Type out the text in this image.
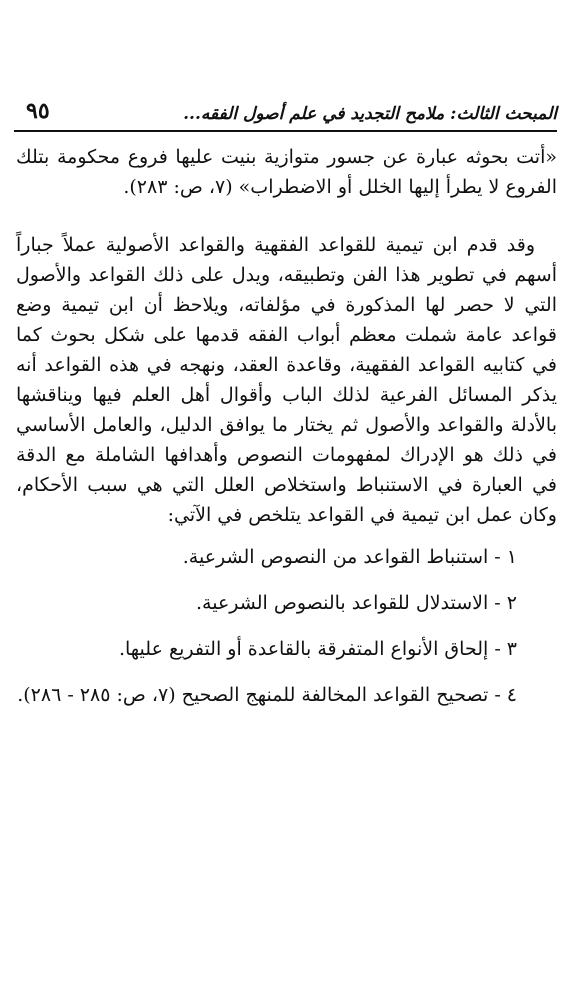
المبحث الثالث: ملامح التجديد في علم أصول الفقه...
٩٥

«أتت بحوثه عبارة عن جسور متوازية بنيت عليها فروع محكومة بتلك الفروع لا يطرأ إليها الخلل أو الاضطراب» (٧، ص: ٢٨٣).

وقد قدم ابن تيمية للقواعد الفقهية والقواعد الأصولية عملاً جباراً أسهم في تطوير هذا الفن وتطبيقه، ويدل على ذلك القواعد والأصول التي لا حصر لها المذكورة في مؤلفاته، ويلاحظ أن ابن تيمية وضع قواعد عامة شملت معظم أبواب الفقه قدمها على شكل بحوث كما في كتابيه القواعد الفقهية، وقاعدة العقد، ونهجه في هذه القواعد أنه يذكر المسائل الفرعية لذلك الباب وأقوال أهل العلم فيها ويناقشها بالأدلة والقواعد والأصول ثم يختار ما يوافق الدليل، والعامل الأساسي في ذلك هو الإدراك لمفهومات النصوص وأهدافها الشاملة مع الدقة في العبارة في الاستنباط واستخلاص العلل التي هي سبب الأحكام، وكان عمل ابن تيمية في القواعد يتلخص في الآتي:

١ - استنباط القواعد من النصوص الشرعية.
٢ - الاستدلال للقواعد بالنصوص الشرعية.
٣ - إلحاق الأنواع المتفرقة بالقاعدة أو التفريع عليها.
٤ - تصحيح القواعد المخالفة للمنهج الصحيح (٧، ص: ٢٨٥ - ٢٨٦).
